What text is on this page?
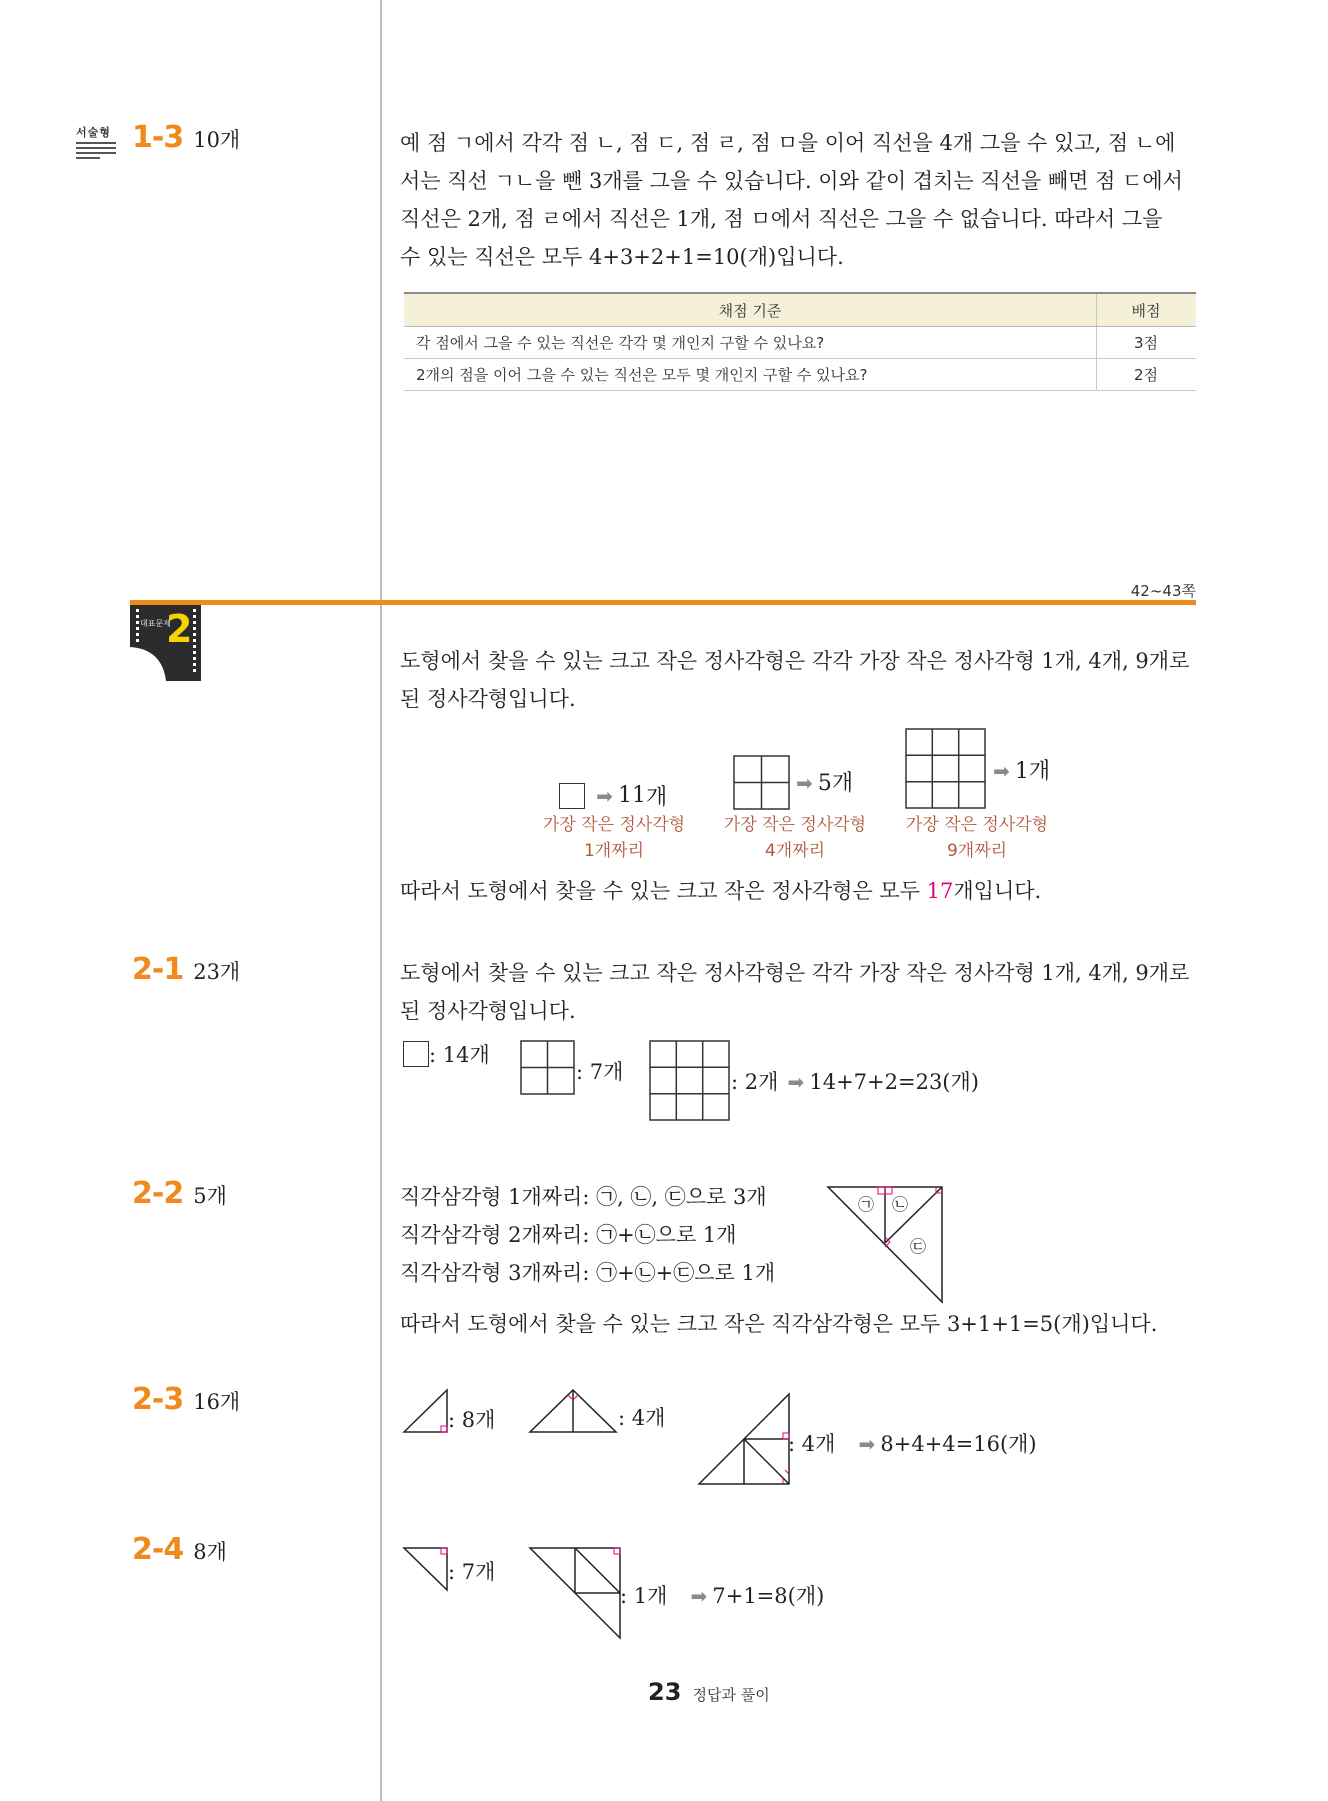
서술형 1-3 10개	예 점 ㄱ에서 각각 점 ㄴ, 점 ㄷ, 점 ㄹ, 점 ㅁ을 이어 직선을 4개 그을 수 있고, 점 ㄴ에
서는 직선 ㄱㄴ을 뺀 3개를 그을 수 있습니다. 이와 같이 겹치는 직선을 빼면 점 ㄷ에서
직선은 2개, 점 ㄹ에서 직선은 1개, 점 ㅁ에서 직선은 그을 수 없습니다. 따라서 그을
수 있는 직선은 모두 4+3+2+1=10(개)입니다.
채점 기준	배점
각 점에서 그을 수 있는 직선은 각각 몇 개인지 구할 수 있나요?	3점
2개의 점을 이어 그을 수 있는 직선은 모두 몇 개인지 구할 수 있나요?	2점
42~43쪽
대표문제
2
도형에서 찾을 수 있는 크고 작은 정사각형은 각각 가장 작은 정사각형 1개, 4개, 9개로
된 정사각형입니다.
➡ 11개
가장 작은 정사각형
1개짜리
➡ 5개
가장 작은 정사각형
4개짜리
➡ 1개
가장 작은 정사각형
9개짜리
따라서 도형에서 찾을 수 있는 크고 작은 정사각형은 모두 17개입니다.
2-1 23개	도형에서 찾을 수 있는 크고 작은 정사각형은 각각 가장 작은 정사각형 1개, 4개, 9개로
된 정사각형입니다.
: 14개
: 7개	: 2개 ➡ 14+7+2=23(개)
2-2 5개	직각삼각형 1개짜리: ㉠, ㉡, ㉢으로 3개
직각삼각형 2개짜리: ㉠+㉡으로 1개
직각삼각형 3개짜리: ㉠+㉡+㉢으로 1개
㉠ ㉡
㉢
따라서 도형에서 찾을 수 있는 크고 작은 직각삼각형은 모두 3+1+1=5(개)입니다.
2-3 16개
: 8개	: 4개
: 4개 ➡ 8+4+4=16(개)
2-4 8개
: 7개
: 1개 ➡ 7+1=8(개)
23 정답과 풀이
